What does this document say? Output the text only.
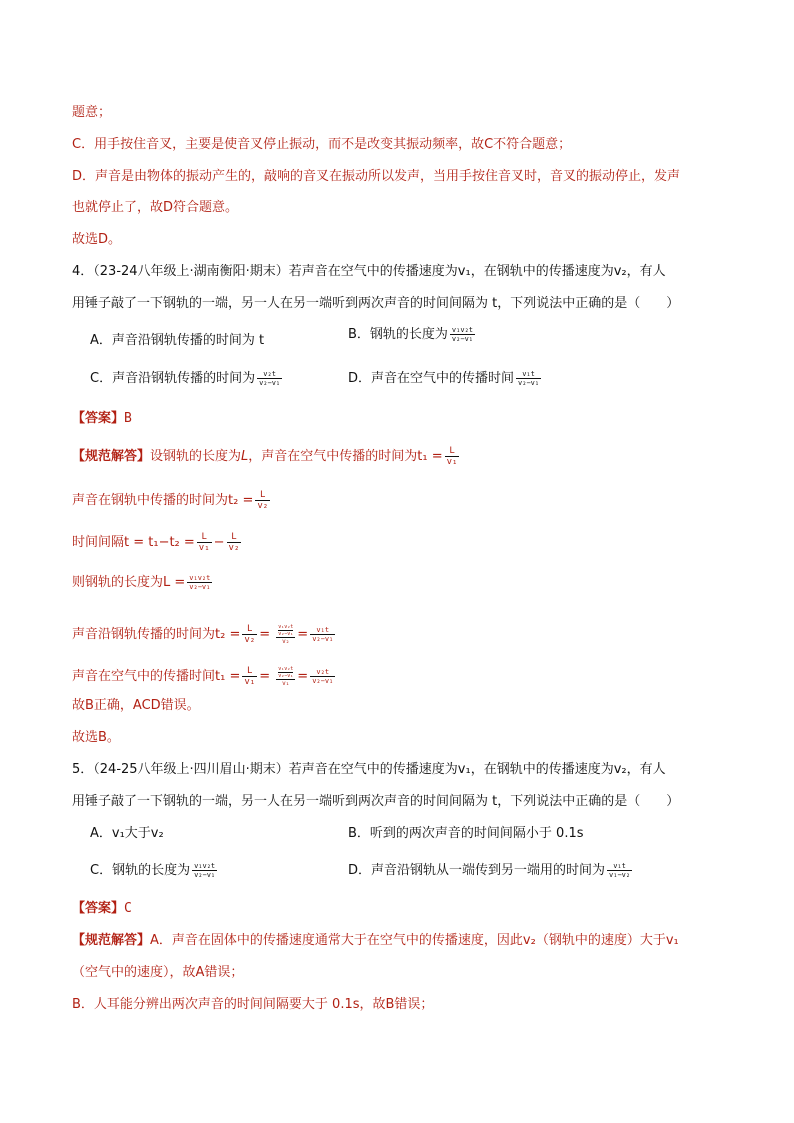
题意；
C．用手按住音叉，主要是使音叉停止振动，而不是改变其振动频率，故C不符合题意；
D．声音是由物体的振动产生的，敲响的音叉在振动所以发声，当用手按住音叉时，音叉的振动停止，发声
也就停止了，故D符合题意。
故选D。
4．（23-24八年级上·湖南衡阳·期末）若声音在空气中的传播速度为v₁，在钢轨中的传播速度为v₂，有人
用锤子敲了一下钢轨的一端，另一人在另一端听到两次声音的时间间隔为 t，下列说法中正确的是（　　）
A．声音沿钢轨传播的时间为 t	B．钢轨的长度为 $\frac{\text{v₁v₂t}}{\text{v₂−v₁}}$
C．声音沿钢轨传播的时间为 $\frac{\text{v₂t}}{\text{v₂−v₁}}$	D．声音在空气中的传播时间 $\frac{\text{v₁t}}{\text{v₂−v₁}}$
【答案】B
【规范解答】设钢轨的长度为L，声音在空气中传播的时间为$t_1 = \frac{L}{\text{v₁}}$
声音在钢轨中传播的时间为$t_2 = \frac{L}{\text{v₂}}$
时间间隔$t = t_1-t_2 = \frac{L}{\text{v₁}} - \frac{L}{\text{v₂}}$
则钢轨的长度为$L = \frac{\text{v₁v₂t}}{\text{v₂−v₁}}$
声音沿钢轨传播的时间为$t_2 = \frac{L}{\text{v₂}} = \frac{\frac{\text{v₁v₂t}}{\text{v₂−v₁}}}{\text{v₂}} = \frac{\text{v₁t}}{\text{v₂−v₁}}$
声音在空气中的传播时间$t_1 = \frac{L}{\text{v₁}} = \frac{\frac{\text{v₁v₂t}}{\text{v₂−v₁}}}{\text{v₁}} = \frac{\text{v₂t}}{\text{v₂−v₁}}$
故B正确，ACD错误。
故选B。
5．（24-25八年级上·四川眉山·期末）若声音在空气中的传播速度为v₁，在钢轨中的传播速度为v₂，有人
用锤子敲了一下钢轨的一端，另一人在另一端听到两次声音的时间间隔为 t，下列说法中正确的是（　　）
A．v₁大于v₂	B．听到的两次声音的时间间隔小于 0.1s
C．钢轨的长度为 $\frac{\text{v₁v₂t}}{\text{v₂−v₁}}$	D．声音沿钢轨从一端传到另一端用的时间为 $\frac{\text{v₁t}}{\text{v₁−v₂}}$
【答案】C
【规范解答】A．声音在固体中的传播速度通常大于在空气中的传播速度，因此v₂（钢轨中的速度）大于v₁
（空气中的速度），故A错误；
B．人耳能分辨出两次声音的时间间隔要大于 0.1s，故B错误；
